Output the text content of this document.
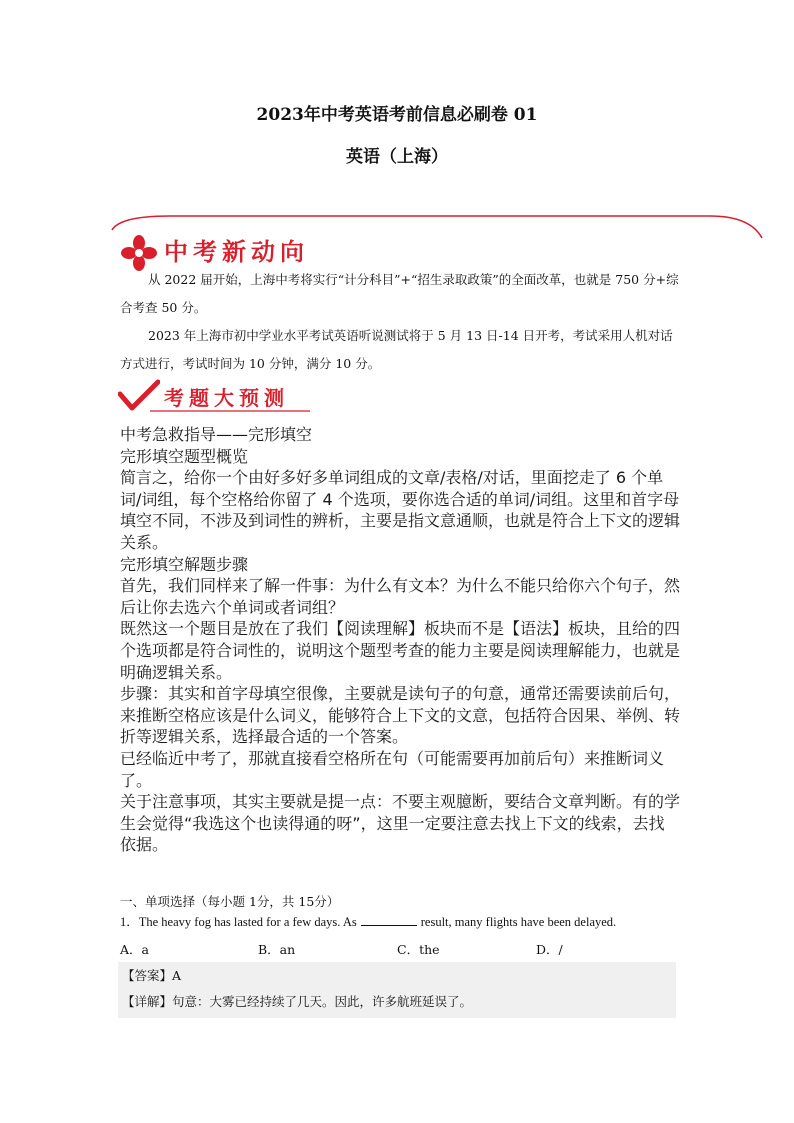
2023年中考英语考前信息必刷卷 01
英语（上海）
中考新动向
从 2022 届开始，上海中考将实行“计分科目”+“招生录取政策”的全面改革，也就是 750 分+综合考查 50 分。
2023 年上海市初中学业水平考试英语听说测试将于 5 月 13 日-14 日开考，考试采用人机对话方式进行，考试时间为 10 分钟，满分 10 分。
考题大预测
中考急救指导——完形填空
完形填空题型概览
简言之，给你一个由好多好多单词组成的文章/表格/对话，里面挖走了 6 个单词/词组，每个空格给你留了 4 个选项，要你选合适的单词/词组。这里和首字母填空不同，不涉及到词性的辨析，主要是指文意通顺，也就是符合上下文的逻辑关系。
完形填空解题步骤
首先，我们同样来了解一件事：为什么有文本？为什么不能只给你六个句子，然后让你去选六个单词或者词组？
既然这一个题目是放在了我们【阅读理解】板块而不是【语法】板块，且给的四个选项都是符合词性的，说明这个题型考查的能力主要是阅读理解能力，也就是明确逻辑关系。
步骤：其实和首字母填空很像，主要就是读句子的句意，通常还需要读前后句，来推断空格应该是什么词义，能够符合上下文的文意，包括符合因果、举例、转折等逻辑关系，选择最合适的一个答案。
已经临近中考了，那就直接看空格所在句（可能需要再加前后句）来推断词义了。
关于注意事项，其实主要就是提一点：不要主观臆断，要结合文章判断。有的学生会觉得“我选这个也读得通的呀”，这里一定要注意去找上下文的线索，去找依据。
一、单项选择（每小题 1分，共 15分）
1．The heavy fog has lasted for a few days. As	result, many flights have been delayed.
A．a	B．an	C．the	D．/
【答案】A
【详解】句意：大雾已经持续了几天。因此，许多航班延误了。
